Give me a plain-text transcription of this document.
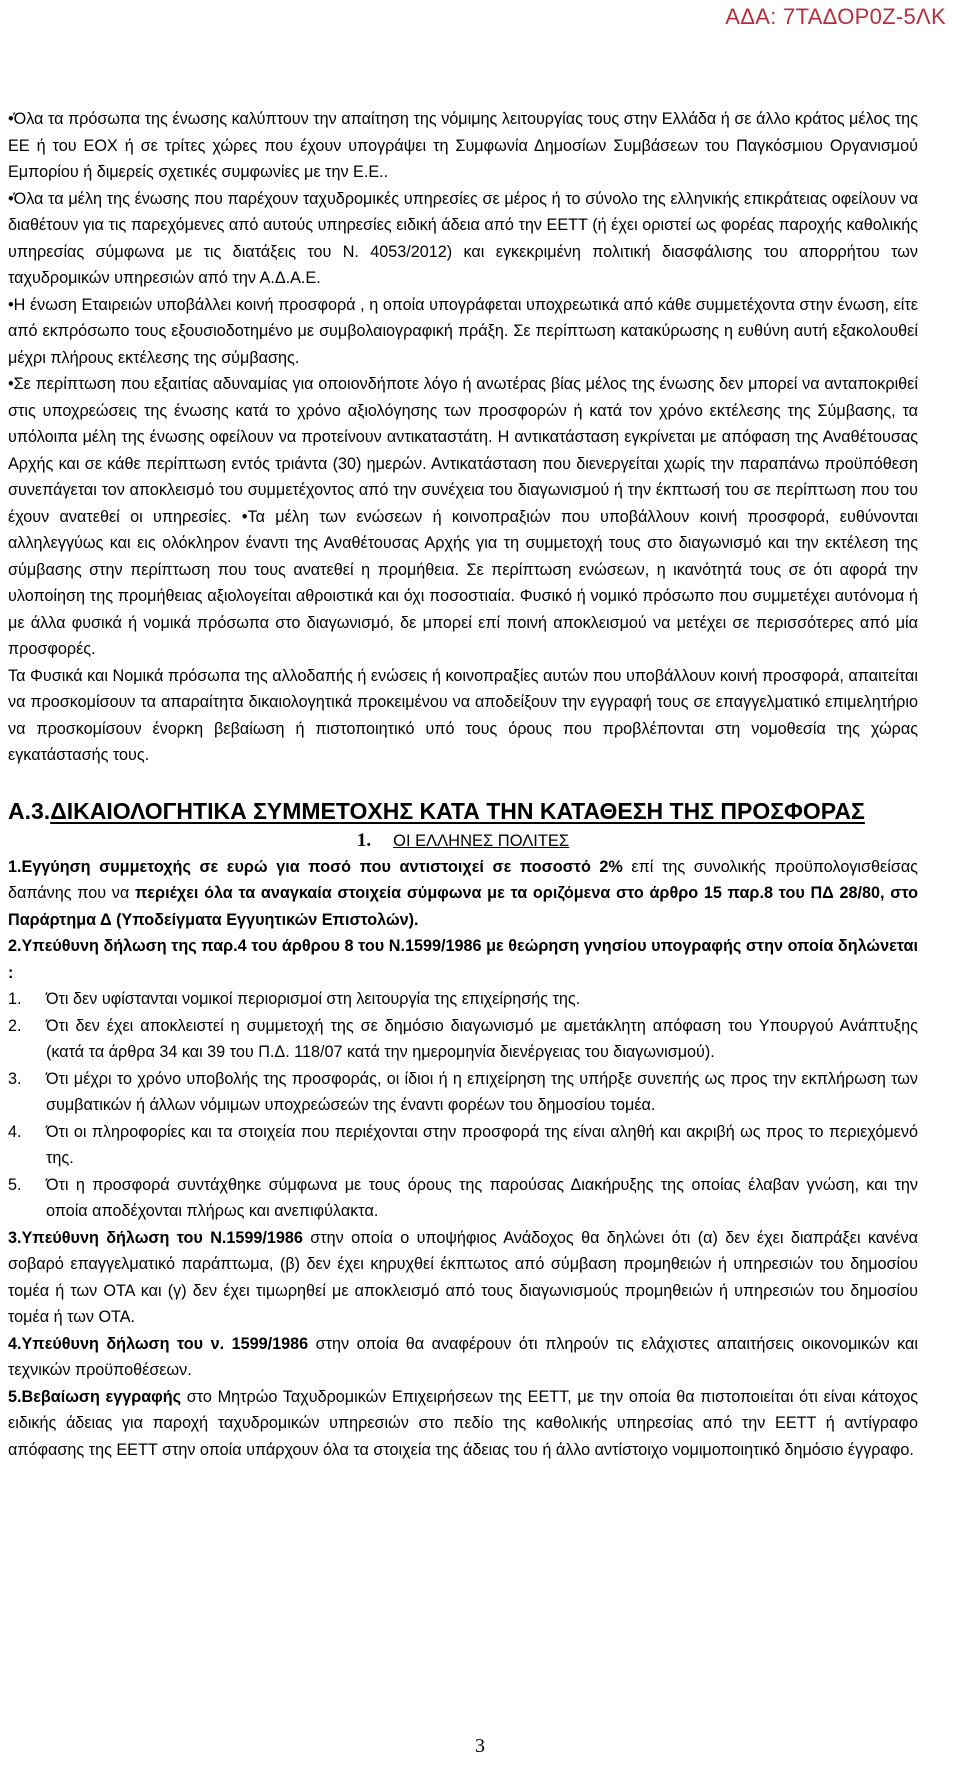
ΑΔΑ: 7ΤΑΔΟΡ0Ζ-5ΛΚ

•Όλα τα πρόσωπα της ένωσης καλύπτουν την απαίτηση της νόμιμης λειτουργίας τους στην Ελλάδα ή σε άλλο κράτος μέλος της ΕΕ ή του ΕΟΧ ή σε τρίτες χώρες που έχουν υπογράψει τη Συμφωνία Δημοσίων Συμβάσεων του Παγκόσμιου Οργανισμού Εμπορίου ή διμερείς σχετικές συμφωνίες με την Ε.Ε..

•Όλα τα μέλη της ένωσης που παρέχουν ταχυδρομικές υπηρεσίες σε μέρος ή το σύνολο της ελληνικής επικράτειας οφείλουν να διαθέτουν για τις παρεχόμενες από αυτούς υπηρεσίες ειδική άδεια από την ΕΕΤΤ (ή έχει οριστεί ως φορέας παροχής καθολικής υπηρεσίας σύμφωνα με τις διατάξεις του Ν. 4053/2012) και εγκεκριμένη πολιτική διασφάλισης του απορρήτου των ταχυδρομικών υπηρεσιών από την Α.Δ.Α.Ε.

•Η ένωση Εταιρειών υποβάλλει κοινή προσφορά , η οποία υπογράφεται υποχρεωτικά από κάθε συμμετέχοντα στην ένωση, είτε από εκπρόσωπο τους εξουσιοδοτημένο με συμβολαιογραφική πράξη. Σε περίπτωση κατακύρωσης η ευθύνη αυτή εξακολουθεί μέχρι πλήρους εκτέλεσης της σύμβασης.

•Σε περίπτωση που εξαιτίας αδυναμίας για οποιονδήποτε λόγο ή ανωτέρας βίας μέλος της ένωσης δεν μπορεί να ανταποκριθεί στις υποχρεώσεις της ένωσης κατά το χρόνο αξιολόγησης των προσφορών ή κατά τον χρόνο εκτέλεσης της Σύμβασης, τα υπόλοιπα μέλη της ένωσης οφείλουν να προτείνουν αντικαταστάτη. Η αντικατάσταση εγκρίνεται με απόφαση της Αναθέτουσας Αρχής και σε κάθε περίπτωση εντός τριάντα (30) ημερών. Αντικατάσταση που διενεργείται χωρίς την παραπάνω προϋπόθεση συνεπάγεται τον αποκλεισμό του συμμετέχοντος από την συνέχεια του διαγωνισμού ή την έκπτωσή του σε περίπτωση που του έχουν ανατεθεί οι υπηρεσίες. •Τα μέλη των ενώσεων ή κοινοπραξιών που υποβάλλουν κοινή προσφορά, ευθύνονται αλληλεγγύως και εις ολόκληρον έναντι της Αναθέτουσας Αρχής για τη συμμετοχή τους στο διαγωνισμό και την εκτέλεση της σύμβασης στην περίπτωση που τους ανατεθεί η προμήθεια. Σε περίπτωση ενώσεων, η ικανότητά τους σε ότι αφορά την υλοποίηση της προμήθειας αξιολογείται αθροιστικά και όχι ποσοστιαία. Φυσικό ή νομικό πρόσωπο που συμμετέχει αυτόνομα ή με άλλα φυσικά ή νομικά πρόσωπα στο διαγωνισμό, δε μπορεί επί ποινή αποκλεισμού να μετέχει σε περισσότερες από μία προσφορές.

Τα Φυσικά και Νομικά πρόσωπα της αλλοδαπής ή ενώσεις ή κοινοπραξίες αυτών που υποβάλλουν κοινή προσφορά, απαιτείται να προσκομίσουν τα απαραίτητα δικαιολογητικά προκειμένου να αποδείξουν την εγγραφή τους σε επαγγελματικό επιμελητήριο να προσκομίσουν ένορκη βεβαίωση ή πιστοποιητικό υπό τους όρους που προβλέπονται στη νομοθεσία της χώρας εγκατάστασής τους.

Α.3.ΔΙΚΑΙΟΛΟΓΗΤΙΚΑ ΣΥΜΜΕΤΟΧΗΣ ΚΑΤΑ ΤΗΝ ΚΑΤΑΘΕΣΗ ΤΗΣ ΠΡΟΣΦΟΡΑΣ

1. ΟΙ ΕΛΛΗΝΕΣ ΠΟΛΙΤΕΣ

1.Εγγύηση συμμετοχής σε ευρώ για ποσό που αντιστοιχεί σε ποσοστό 2% επί της συνολικής προϋπολογισθείσας δαπάνης που να περιέχει όλα τα αναγκαία στοιχεία σύμφωνα με τα οριζόμενα στο άρθρο 15 παρ.8 του ΠΔ 28/80, στο Παράρτημα Δ (Υποδείγματα Εγγυητικών Επιστολών).

2.Υπεύθυνη δήλωση της παρ.4 του άρθρου 8 του Ν.1599/1986 με θεώρηση γνησίου υπογραφής στην οποία δηλώνεται :

1. Ότι δεν υφίστανται νομικοί περιορισμοί στη λειτουργία της επιχείρησής της.
2. Ότι δεν έχει αποκλειστεί η συμμετοχή της σε δημόσιο διαγωνισμό με αμετάκλητη απόφαση του Υπουργού Ανάπτυξης (κατά τα άρθρα 34 και 39 του Π.Δ. 118/07 κατά την ημερομηνία διενέργειας του διαγωνισμού).
3. Ότι μέχρι το χρόνο υποβολής της προσφοράς, οι ίδιοι ή η επιχείρηση της υπήρξε συνεπής ως προς την εκπλήρωση των συμβατικών ή άλλων νόμιμων υποχρεώσεών της έναντι φορέων του δημοσίου τομέα.
4. Ότι οι πληροφορίες και τα στοιχεία που περιέχονται στην προσφορά της είναι αληθή και ακριβή ως προς το περιεχόμενό της.
5. Ότι η προσφορά συντάχθηκε σύμφωνα με τους όρους της παρούσας Διακήρυξης της οποίας έλαβαν γνώση, και την οποία αποδέχονται πλήρως και ανεπιφύλακτα.

3.Υπεύθυνη δήλωση του Ν.1599/1986 στην οποία ο υποψήφιος Ανάδοχος θα δηλώνει ότι (α) δεν έχει διαπράξει κανένα σοβαρό επαγγελματικό παράπτωμα, (β) δεν έχει κηρυχθεί έκπτωτος από σύμβαση προμηθειών ή υπηρεσιών του δημοσίου τομέα ή των ΟΤΑ και (γ) δεν έχει τιμωρηθεί με αποκλεισμό από τους διαγωνισμούς προμηθειών ή υπηρεσιών του δημοσίου τομέα ή των ΟΤΑ.

4.Υπεύθυνη δήλωση του ν. 1599/1986 στην οποία θα αναφέρουν ότι πληρούν τις ελάχιστες απαιτήσεις οικονομικών και τεχνικών προϋποθέσεων.

5.Βεβαίωση εγγραφής στο Μητρώο Ταχυδρομικών Επιχειρήσεων της ΕΕΤΤ, με την οποία θα πιστοποιείται ότι είναι κάτοχος ειδικής άδειας για παροχή ταχυδρομικών υπηρεσιών στο πεδίο της καθολικής υπηρεσίας από την ΕΕΤΤ ή αντίγραφο απόφασης της ΕΕΤΤ στην οποία υπάρχουν όλα τα στοιχεία της άδειας του ή άλλο αντίστοιχο νομιμοποιητικό δημόσιο έγγραφο.

3
